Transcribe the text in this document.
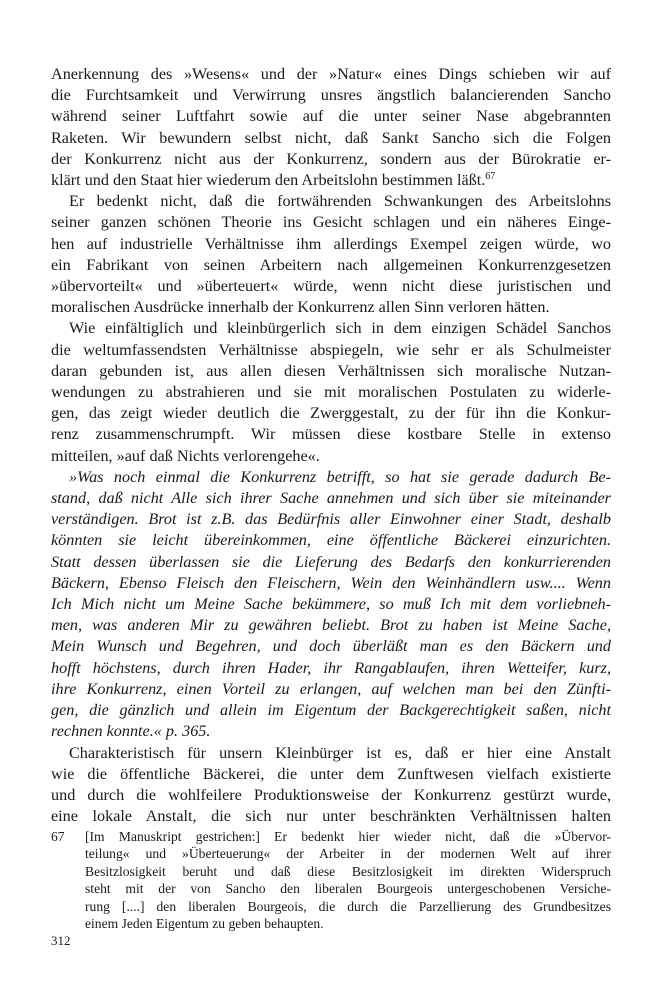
Anerkennung des »Wesens« und der »Natur« eines Dings schieben wir auf
die Furchtsamkeit und Verwirrung unsres ängstlich balancierenden Sancho
während seiner Luftfahrt sowie auf die unter seiner Nase abgebrannten
Raketen. Wir bewundern selbst nicht, daß Sankt Sancho sich die Folgen
der Konkurrenz nicht aus der Konkurrenz, sondern aus der Bürokratie er-
klärt und den Staat hier wiederum den Arbeitslohn bestimmen läßt.$^{67}$
Er bedenkt nicht, daß die fortwährenden Schwankungen des Arbeitslohns
seiner ganzen schönen Theorie ins Gesicht schlagen und ein näheres Einge-
hen auf industrielle Verhältnisse ihm allerdings Exempel zeigen würde, wo
ein Fabrikant von seinen Arbeitern nach allgemeinen Konkurrenzgesetzen
»übervorteilt« und »überteuert« würde, wenn nicht diese juristischen und
moralischen Ausdrücke innerhalb der Konkurrenz allen Sinn verloren hätten.
Wie einfältiglich und kleinbürgerlich sich in dem einzigen Schädel Sanchos
die weltumfassendsten Verhältnisse abspiegeln, wie sehr er als Schulmeister
daran gebunden ist, aus allen diesen Verhältnissen sich moralische Nutzan-
wendungen zu abstrahieren und sie mit moralischen Postulaten zu widerle-
gen, das zeigt wieder deutlich die Zwerggestalt, zu der für ihn die Konkur-
renz zusammenschrumpft. Wir müssen diese kostbare Stelle in extenso
mitteilen, »auf daß Nichts verlorengehe«.
»Was noch einmal die Konkurrenz betrifft, so hat sie gerade dadurch Be-
stand, daß nicht Alle sich ihrer Sache annehmen und sich über sie miteinander
verständigen. Brot ist z.B. das Bedürfnis aller Einwohner einer Stadt, deshalb
könnten sie leicht übereinkommen, eine öffentliche Bäckerei einzurichten.
Statt dessen überlassen sie die Lieferung des Bedarfs den konkurrierenden
Bäckern, Ebenso Fleisch den Fleischern, Wein den Weinhändlern usw.... Wenn
Ich Mich nicht um Meine Sache bekümmere, so muß Ich mit dem vorliebneh-
men, was anderen Mir zu gewähren beliebt. Brot zu haben ist Meine Sache,
Mein Wunsch und Begehren, und doch überläßt man es den Bäckern und
hofft höchstens, durch ihren Hader, ihr Rangablaufen, ihren Wetteifer, kurz,
ihre Konkurrenz, einen Vorteil zu erlangen, auf welchen man bei den Zünfti-
gen, die gänzlich und allein im Eigentum der Backgerechtigkeit saßen, nicht
rechnen konnte.« p. 365.
Charakteristisch für unsern Kleinbürger ist es, daß er hier eine Anstalt
wie die öffentliche Bäckerei, die unter dem Zunftwesen vielfach existierte
und durch die wohlfeilere Produktionsweise der Konkurrenz gestürzt wurde,
eine lokale Anstalt, die sich nur unter beschränkten Verhältnissen halten
67 [Im Manuskript gestrichen:] Er bedenkt hier wieder nicht, daß die »Übervor-
teilung« und »Überteuerung« der Arbeiter in der modernen Welt auf ihrer
Besitzlosigkeit beruht und daß diese Besitzlosigkeit im direkten Widerspruch
steht mit der von Sancho den liberalen Bourgeois untergeschobenen Versiche-
rung [....] den liberalen Bourgeois, die durch die Parzellierung des Grundbesitzes
einem Jeden Eigentum zu geben behaupten.
312
